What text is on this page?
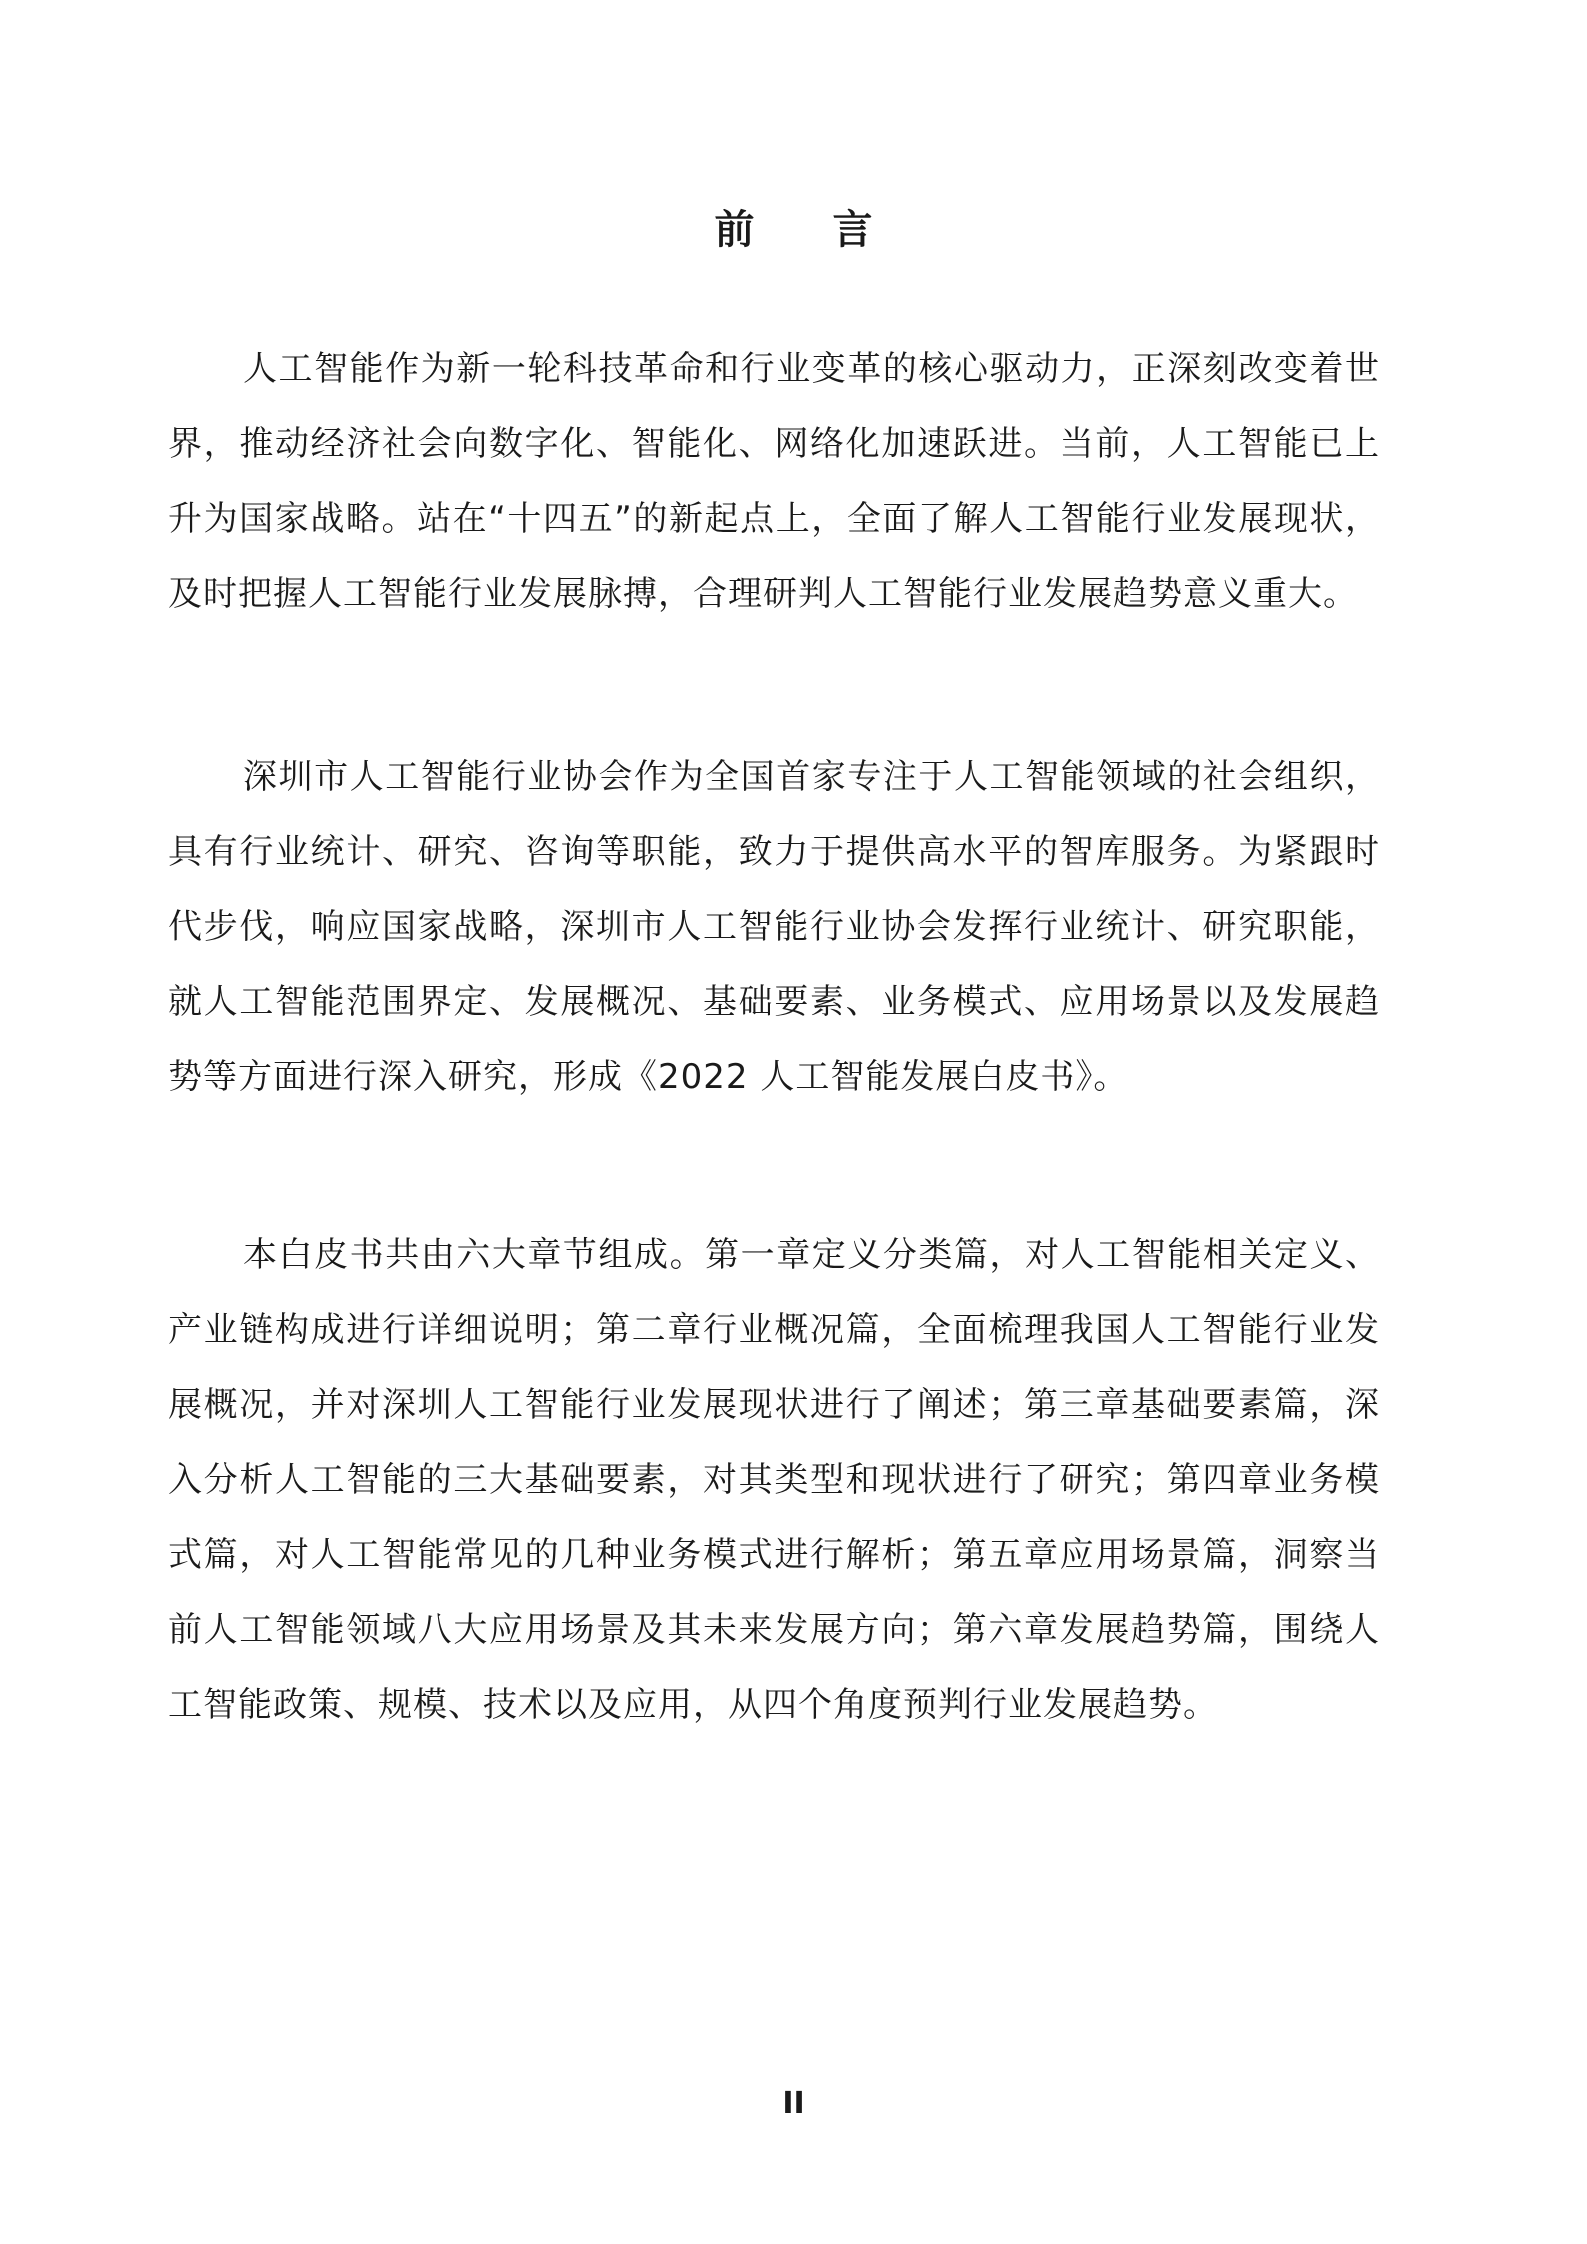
前 言

人工智能作为新一轮科技革命和行业变革的核心驱动力，正深刻改变着世界，推动经济社会向数字化、智能化、网络化加速跃进。当前，人工智能已上升为国家战略。站在“十四五”的新起点上，全面了解人工智能行业发展现状，及时把握人工智能行业发展脉搏，合理研判人工智能行业发展趋势意义重大。

深圳市人工智能行业协会作为全国首家专注于人工智能领域的社会组织，具有行业统计、研究、咨询等职能，致力于提供高水平的智库服务。为紧跟时代步伐，响应国家战略，深圳市人工智能行业协会发挥行业统计、研究职能，就人工智能范围界定、发展概况、基础要素、业务模式、应用场景以及发展趋势等方面进行深入研究，形成《2022 人工智能发展白皮书》。

本白皮书共由六大章节组成。第一章定义分类篇，对人工智能相关定义、产业链构成进行详细说明；第二章行业概况篇，全面梳理我国人工智能行业发展概况，并对深圳人工智能行业发展现状进行了阐述；第三章基础要素篇，深入分析人工智能的三大基础要素，对其类型和现状进行了研究；第四章业务模式篇，对人工智能常见的几种业务模式进行解析；第五章应用场景篇，洞察当前人工智能领域八大应用场景及其未来发展方向；第六章发展趋势篇，围绕人工智能政策、规模、技术以及应用，从四个角度预判行业发展趋势。

II
